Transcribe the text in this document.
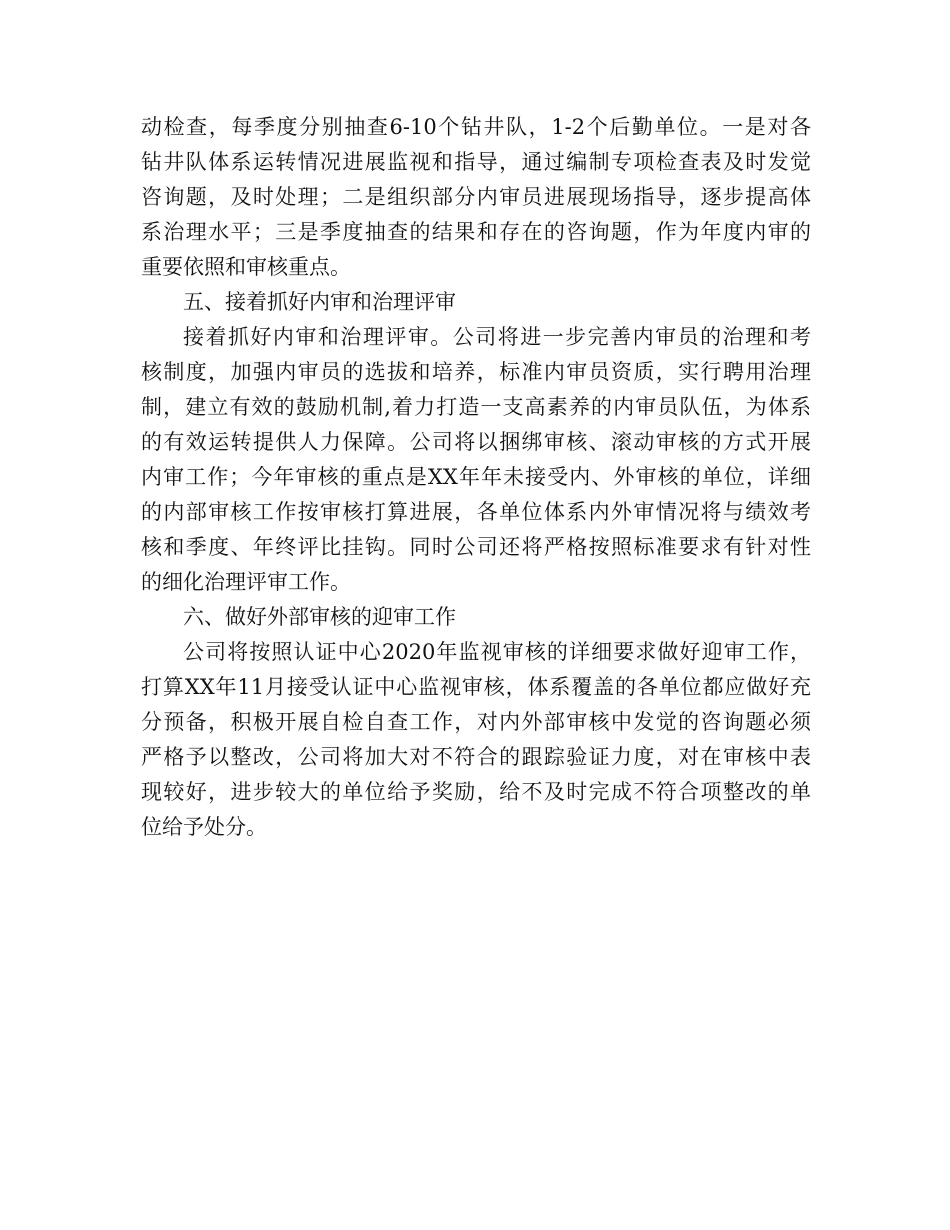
动检查，每季度分别抽查6-10个钻井队，1-2个后勤单位。一是对各
钻井队体系运转情况进展监视和指导，通过编制专项检查表及时发觉
咨询题，及时处理；二是组织部分内审员进展现场指导，逐步提高体
系治理水平；三是季度抽查的结果和存在的咨询题，作为年度内审的
重要依照和审核重点。
五、接着抓好内审和治理评审
接着抓好内审和治理评审。公司将进一步完善内审员的治理和考
核制度，加强内审员的选拔和培养，标准内审员资质，实行聘用治理
制，建立有效的鼓励机制,着力打造一支高素养的内审员队伍，为体系
的有效运转提供人力保障。公司将以捆绑审核、滚动审核的方式开展
内审工作；今年审核的重点是XX年年未接受内、外审核的单位，详细
的内部审核工作按审核打算进展，各单位体系内外审情况将与绩效考
核和季度、年终评比挂钩。同时公司还将严格按照标准要求有针对性
的细化治理评审工作。
六、做好外部审核的迎审工作
公司将按照认证中心2020年监视审核的详细要求做好迎审工作，
打算XX年11月接受认证中心监视审核，体系覆盖的各单位都应做好充
分预备，积极开展自检自查工作，对内外部审核中发觉的咨询题必须
严格予以整改，公司将加大对不符合的跟踪验证力度，对在审核中表
现较好，进步较大的单位给予奖励，给不及时完成不符合项整改的单
位给予处分。
